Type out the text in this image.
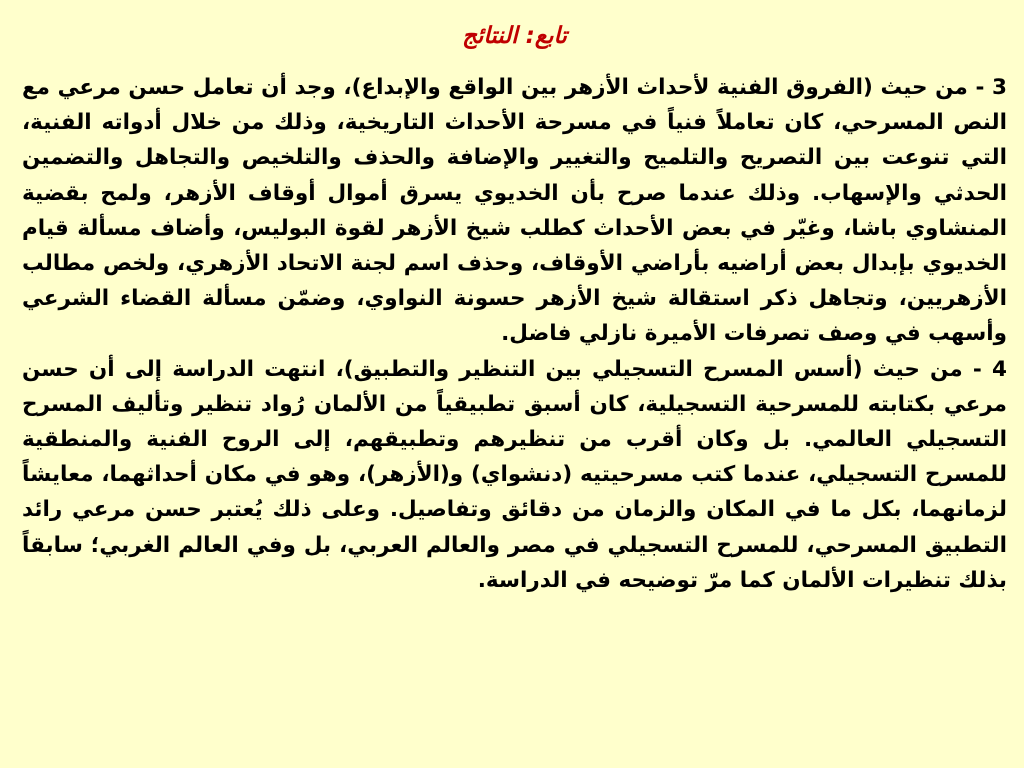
تابع: النتائج

3 - من حيث (الفروق الفنية لأحداث الأزهر بين الواقع والإبداع)، وجد أن تعامل حسن مرعي مع النص المسرحي، كان تعاملاً فنياً في مسرحة الأحداث التاريخية، وذلك من خلال أدواته الفنية، التي تنوعت بين التصريح والتلميح والتغيير والإضافة والحذف والتلخيص والتجاهل والتضمين الحدثي والإسهاب. وذلك عندما صرح بأن الخديوي يسرق أموال أوقاف الأزهر، ولمح بقضية المنشاوي باشا، وغيّر في بعض الأحداث كطلب شيخ الأزهر لقوة البوليس، وأضاف مسألة قيام الخديوي بإبدال بعض أراضيه بأراضي الأوقاف، وحذف اسم لجنة الاتحاد الأزهري، ولخص مطالب الأزهريين، وتجاهل ذكر استقالة شيخ الأزهر حسونة النواوي، وضمّن مسألة القضاء الشرعي وأسهب في وصف تصرفات الأميرة نازلي فاضل.

4 - من حيث (أسس المسرح التسجيلي بين التنظير والتطبيق)، انتهت الدراسة إلى أن حسن مرعي بكتابته للمسرحية التسجيلية، كان أسبق تطبيقياً من الألمان رُواد تنظير وتأليف المسرح التسجيلي العالمي. بل وكان أقرب من تنظيرهم وتطبيقهم، إلى الروح الفنية والمنطقية للمسرح التسجيلي، عندما كتب مسرحيتيه (دنشواي) و(الأزهر)، وهو في مكان أحداثهما، معايشاً لزمانهما، بكل ما في المكان والزمان من دقائق وتفاصيل. وعلى ذلك يُعتبر حسن مرعي رائد التطبيق المسرحي، للمسرح التسجيلي في مصر والعالم العربي، بل وفي العالم الغربي؛ سابقاً بذلك تنظيرات الألمان كما مرّ توضيحه في الدراسة.
